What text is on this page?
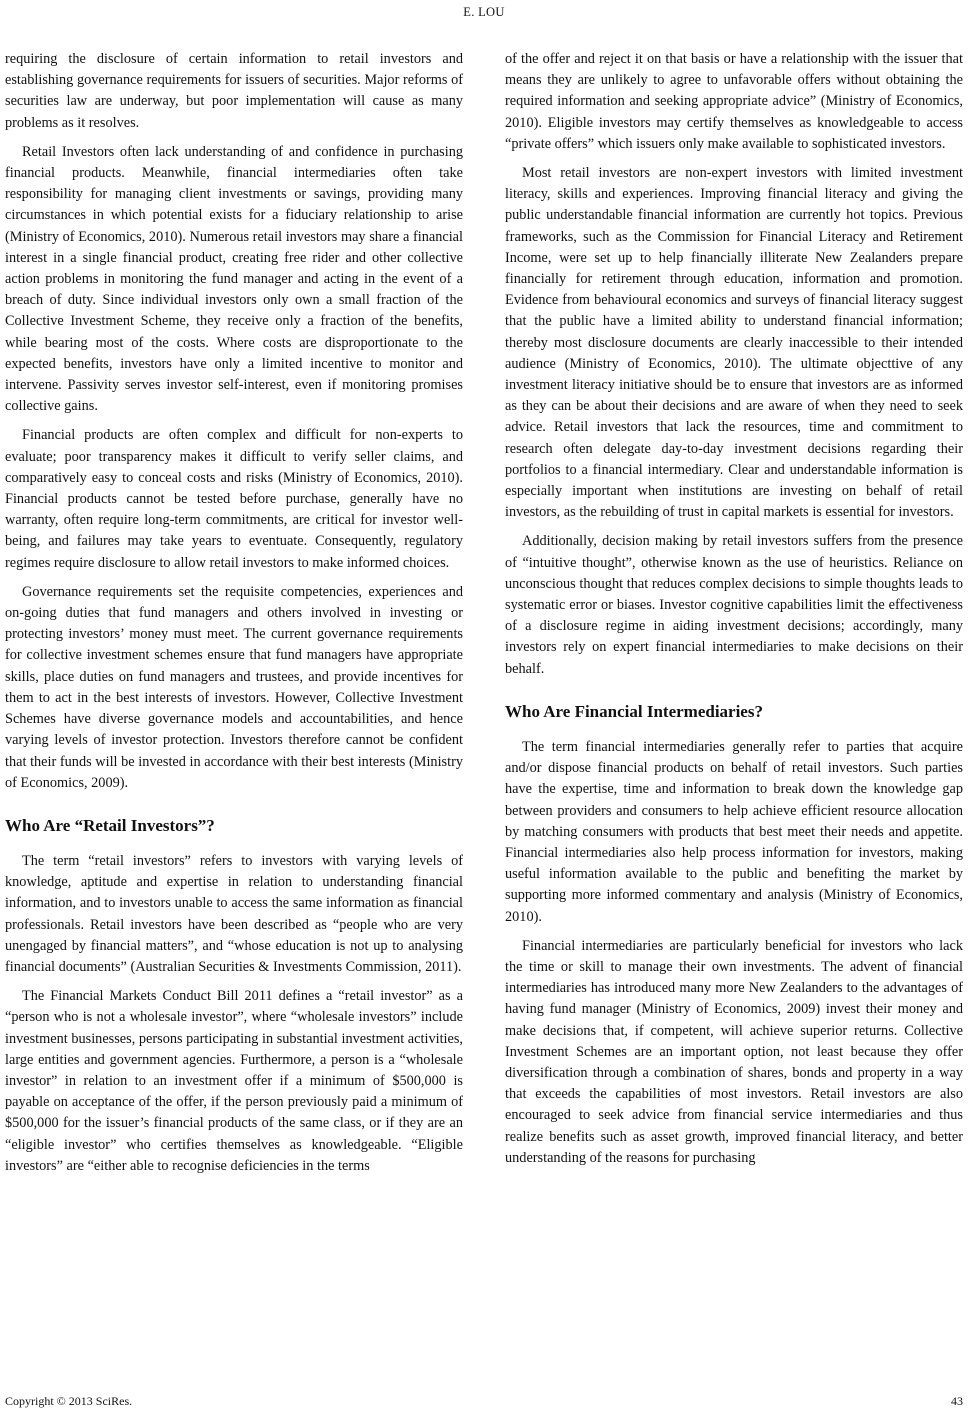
E. LOU

requiring the disclosure of certain information to retail investors and establishing governance requirements for issuers of securities. Major reforms of securities law are underway, but poor implementation will cause as many problems as it resolves.

Retail Investors often lack understanding of and confidence in purchasing financial products. Meanwhile, financial intermediaries often take responsibility for managing client investments or savings, providing many circumstances in which potential exists for a fiduciary relationship to arise (Ministry of Economics, 2010). Numerous retail investors may share a financial interest in a single financial product, creating free rider and other collective action problems in monitoring the fund manager and acting in the event of a breach of duty. Since individual investors only own a small fraction of the Collective Investment Scheme, they receive only a fraction of the benefits, while bearing most of the costs. Where costs are disproportionate to the expected benefits, investors have only a limited incentive to monitor and intervene. Passivity serves investor self-interest, even if monitoring promises collective gains.

Financial products are often complex and difficult for non-experts to evaluate; poor transparency makes it difficult to verify seller claims, and comparatively easy to conceal costs and risks (Ministry of Economics, 2010). Financial products cannot be tested before purchase, generally have no warranty, often require long-term commitments, are critical for investor well-being, and failures may take years to eventuate. Consequently, regulatory regimes require disclosure to allow retail investors to make informed choices.

Governance requirements set the requisite competencies, experiences and on-going duties that fund managers and others involved in investing or protecting investors’ money must meet. The current governance requirements for collective investment schemes ensure that fund managers have appropriate skills, place duties on fund managers and trustees, and provide incentives for them to act in the best interests of investors. However, Collective Investment Schemes have diverse governance models and accountabilities, and hence varying levels of investor protection. Investors therefore cannot be confident that their funds will be invested in accordance with their best interests (Ministry of Economics, 2009).

Who Are “Retail Investors”?

The term “retail investors” refers to investors with varying levels of knowledge, aptitude and expertise in relation to understanding financial information, and to investors unable to access the same information as financial professionals. Retail investors have been described as “people who are very unengaged by financial matters”, and “whose education is not up to analysing financial documents” (Australian Securities & Investments Commission, 2011).

The Financial Markets Conduct Bill 2011 defines a “retail investor” as a “person who is not a wholesale investor”, where “wholesale investors” include investment businesses, persons participating in substantial investment activities, large entities and government agencies. Furthermore, a person is a “wholesale investor” in relation to an investment offer if a minimum of $500,000 is payable on acceptance of the offer, if the person previously paid a minimum of $500,000 for the issuer’s financial products of the same class, or if they are an “eligible investor” who certifies themselves as knowledgeable. “Eligible investors” are “either able to recognise deficiencies in the terms

of the offer and reject it on that basis or have a relationship with the issuer that means they are unlikely to agree to unfavorable offers without obtaining the required information and seeking appropriate advice” (Ministry of Economics, 2010). Eligible investors may certify themselves as knowledgeable to access “private offers” which issuers only make available to sophisticated investors.

Most retail investors are non-expert investors with limited investment literacy, skills and experiences. Improving financial literacy and giving the public understandable financial information are currently hot topics. Previous frameworks, such as the Commission for Financial Literacy and Retirement Income, were set up to help financially illiterate New Zealanders prepare financially for retirement through education, information and promotion. Evidence from behavioural economics and surveys of financial literacy suggest that the public have a limited ability to understand financial information; thereby most disclosure documents are clearly inaccessible to their intended audience (Ministry of Economics, 2010). The ultimate objecttive of any investment literacy initiative should be to ensure that investors are as informed as they can be about their decisions and are aware of when they need to seek advice. Retail investors that lack the resources, time and commitment to research often delegate day-to-day investment decisions regarding their portfolios to a financial intermediary. Clear and understandable information is especially important when institutions are investing on behalf of retail investors, as the rebuilding of trust in capital markets is essential for investors.

Additionally, decision making by retail investors suffers from the presence of “intuitive thought”, otherwise known as the use of heuristics. Reliance on unconscious thought that reduces complex decisions to simple thoughts leads to systematic error or biases. Investor cognitive capabilities limit the effectiveness of a disclosure regime in aiding investment decisions; accordingly, many investors rely on expert financial intermediaries to make decisions on their behalf.

Who Are Financial Intermediaries?

The term financial intermediaries generally refer to parties that acquire and/or dispose financial products on behalf of retail investors. Such parties have the expertise, time and information to break down the knowledge gap between providers and consumers to help achieve efficient resource allocation by matching consumers with products that best meet their needs and appetite. Financial intermediaries also help process information for investors, making useful information available to the public and benefiting the market by supporting more informed commentary and analysis (Ministry of Economics, 2010).

Financial intermediaries are particularly beneficial for investors who lack the time or skill to manage their own investments. The advent of financial intermediaries has introduced many more New Zealanders to the advantages of having fund manager (Ministry of Economics, 2009) invest their money and make decisions that, if competent, will achieve superior returns. Collective Investment Schemes are an important option, not least because they offer diversification through a combination of shares, bonds and property in a way that exceeds the capabilities of most investors. Retail investors are also encouraged to seek advice from financial service intermediaries and thus realize benefits such as asset growth, improved financial literacy, and better understanding of the reasons for purchasing

Copyright © 2013 SciRes.	43
